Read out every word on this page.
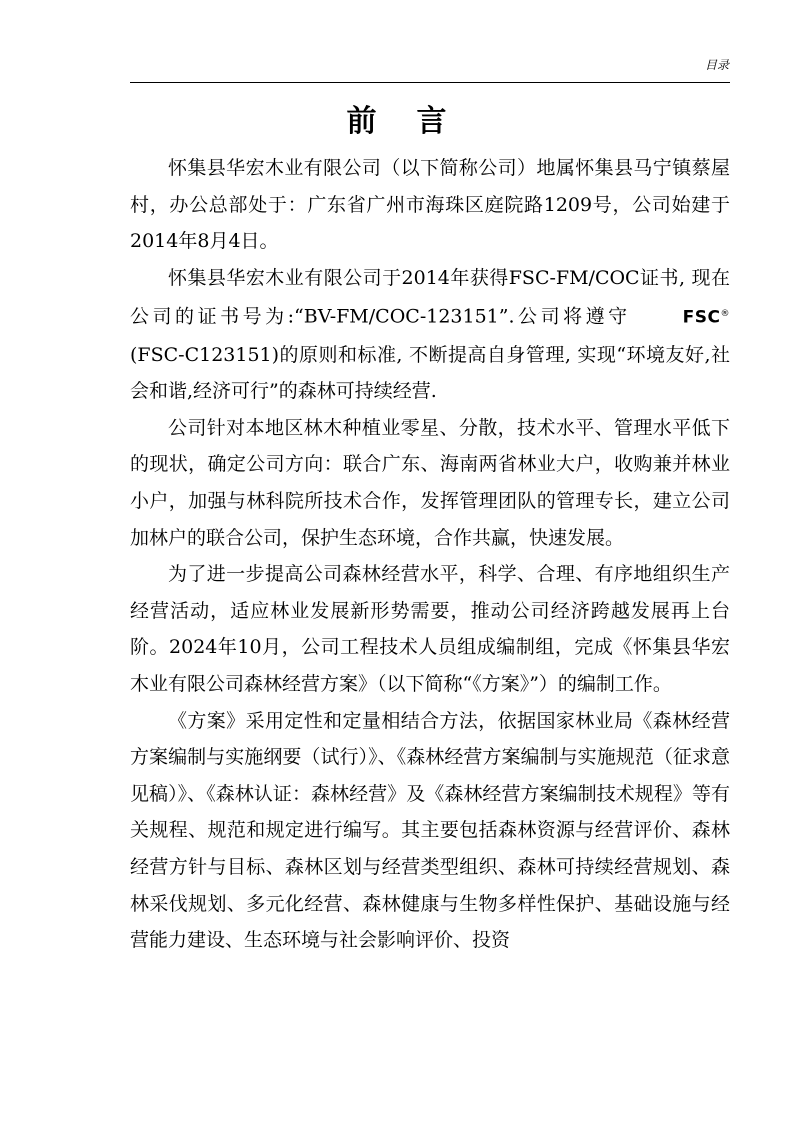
目录
前言

怀集县华宏木业有限公司（以下简称公司）地属怀集县马宁镇蔡屋村，办公总部处于：广东省广州市海珠区庭院路1209号，公司始建于2014年8月4日。

怀集县华宏木业有限公司于2014年获得FSC-FM/COC证书, 现在公司的证书号为:“BV-FM/COC-123151”.公司将遵守	FSC®(FSC-C123151)的原则和标准, 不断提高自身管理, 实现“环境友好,社会和谐,经济可行”的森林可持续经营.

公司针对本地区林木种植业零星、分散，技术水平、管理水平低下的现状，确定公司方向：联合广东、海南两省林业大户，收购兼并林业小户，加强与林科院所技术合作，发挥管理团队的管理专长，建立公司加林户的联合公司，保护生态环境，合作共赢，快速发展。

为了进一步提高公司森林经营水平，科学、合理、有序地组织生产经营活动，适应林业发展新形势需要，推动公司经济跨越发展再上台阶。2024年10月，公司工程技术人员组成编制组，完成《怀集县华宏木业有限公司森林经营方案》（以下简称“《方案》”）的编制工作。

《方案》采用定性和定量相结合方法，依据国家林业局《森林经营方案编制与实施纲要（试行）》、《森林经营方案编制与实施规范（征求意见稿）》、《森林认证：森林经营》及《森林经营方案编制技术规程》等有关规程、规范和规定进行编写。其主要包括森林资源与经营评价、森林经营方针与目标、森林区划与经营类型组织、森林可持续经营规划、森林采伐规划、多元化经营、森林健康与生物多样性保护、基础设施与经营能力建设、生态环境与社会影响评价、投资
